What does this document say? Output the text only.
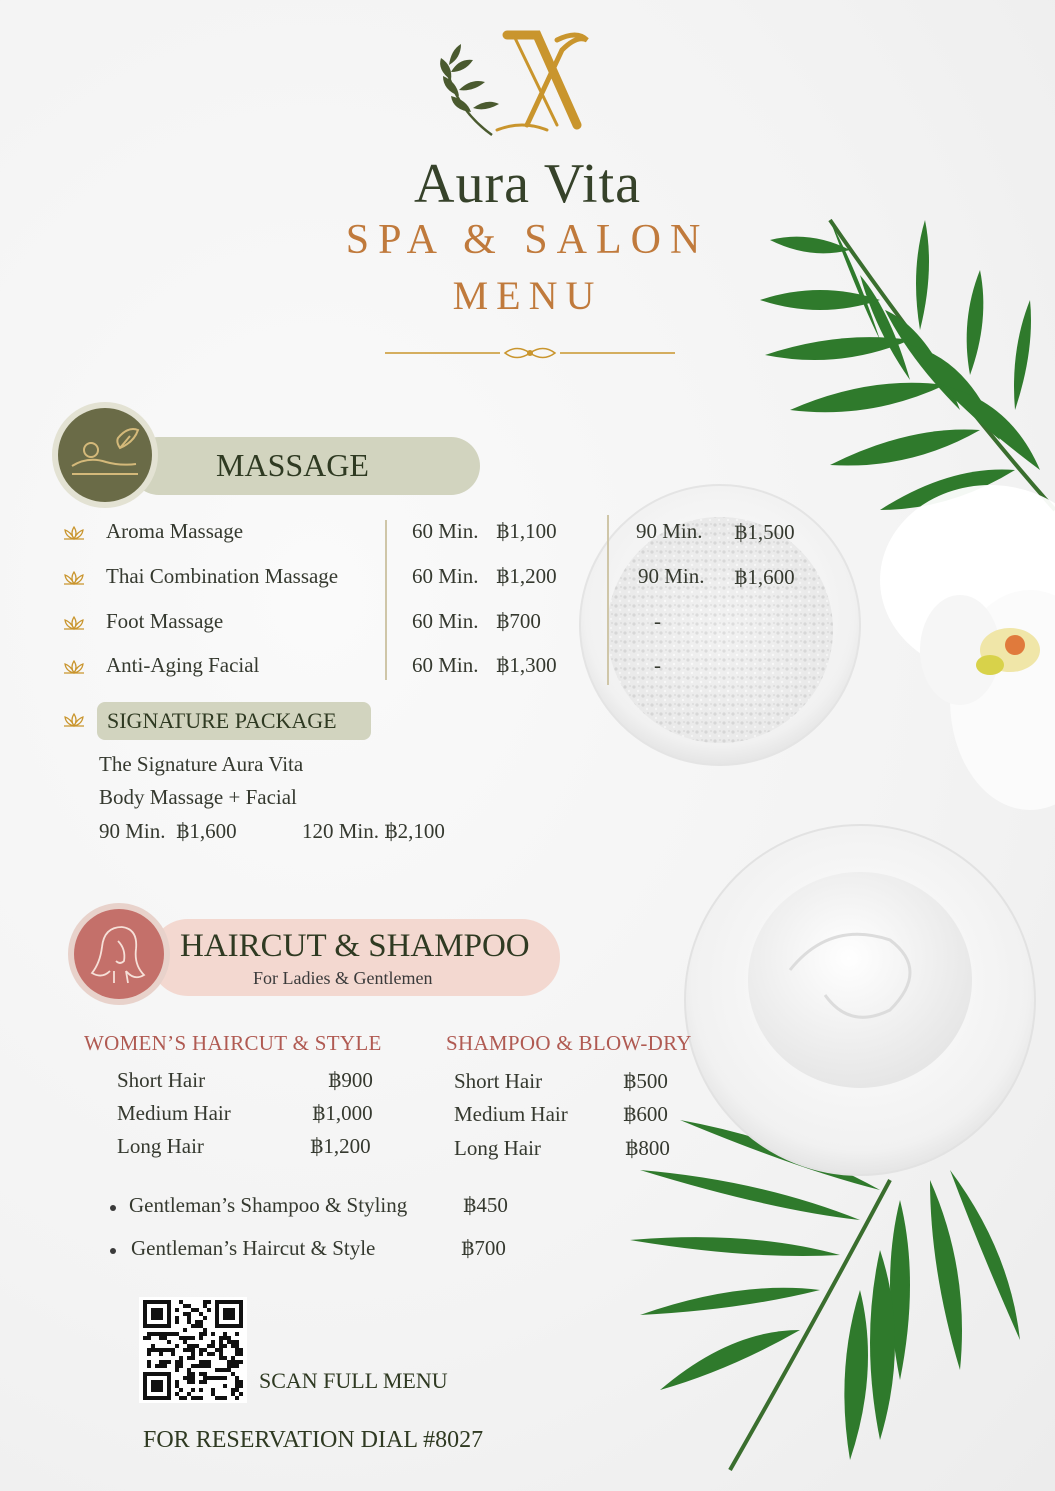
Aura Vita
SPA & SALON
MENU
MASSAGE
Aroma Massage	60 Min. ฿1,100	90 Min. ฿1,500
Thai Combination Massage	60 Min. ฿1,200	90 Min. ฿1,600
Foot Massage	60 Min. ฿700	-
Anti-Aging Facial	60 Min. ฿1,300	-
SIGNATURE PACKAGE
The Signature Aura Vita
Body Massage + Facial
90 Min.  ฿1,600	120 Min. ฿2,100
HAIRCUT & SHAMPOO
For Ladies & Gentlemen
WOMEN’S HAIRCUT & STYLE	SHAMPOO & BLOW-DRY
Short Hair	฿900
Medium Hair	฿1,000
Long Hair	฿1,200
Short Hair	฿500
Medium Hair	฿600
Long Hair	฿800
Gentleman’s Shampoo & Styling	฿450
Gentleman’s Haircut & Style	฿700
SCAN FULL MENU
FOR RESERVATION DIAL #8027
